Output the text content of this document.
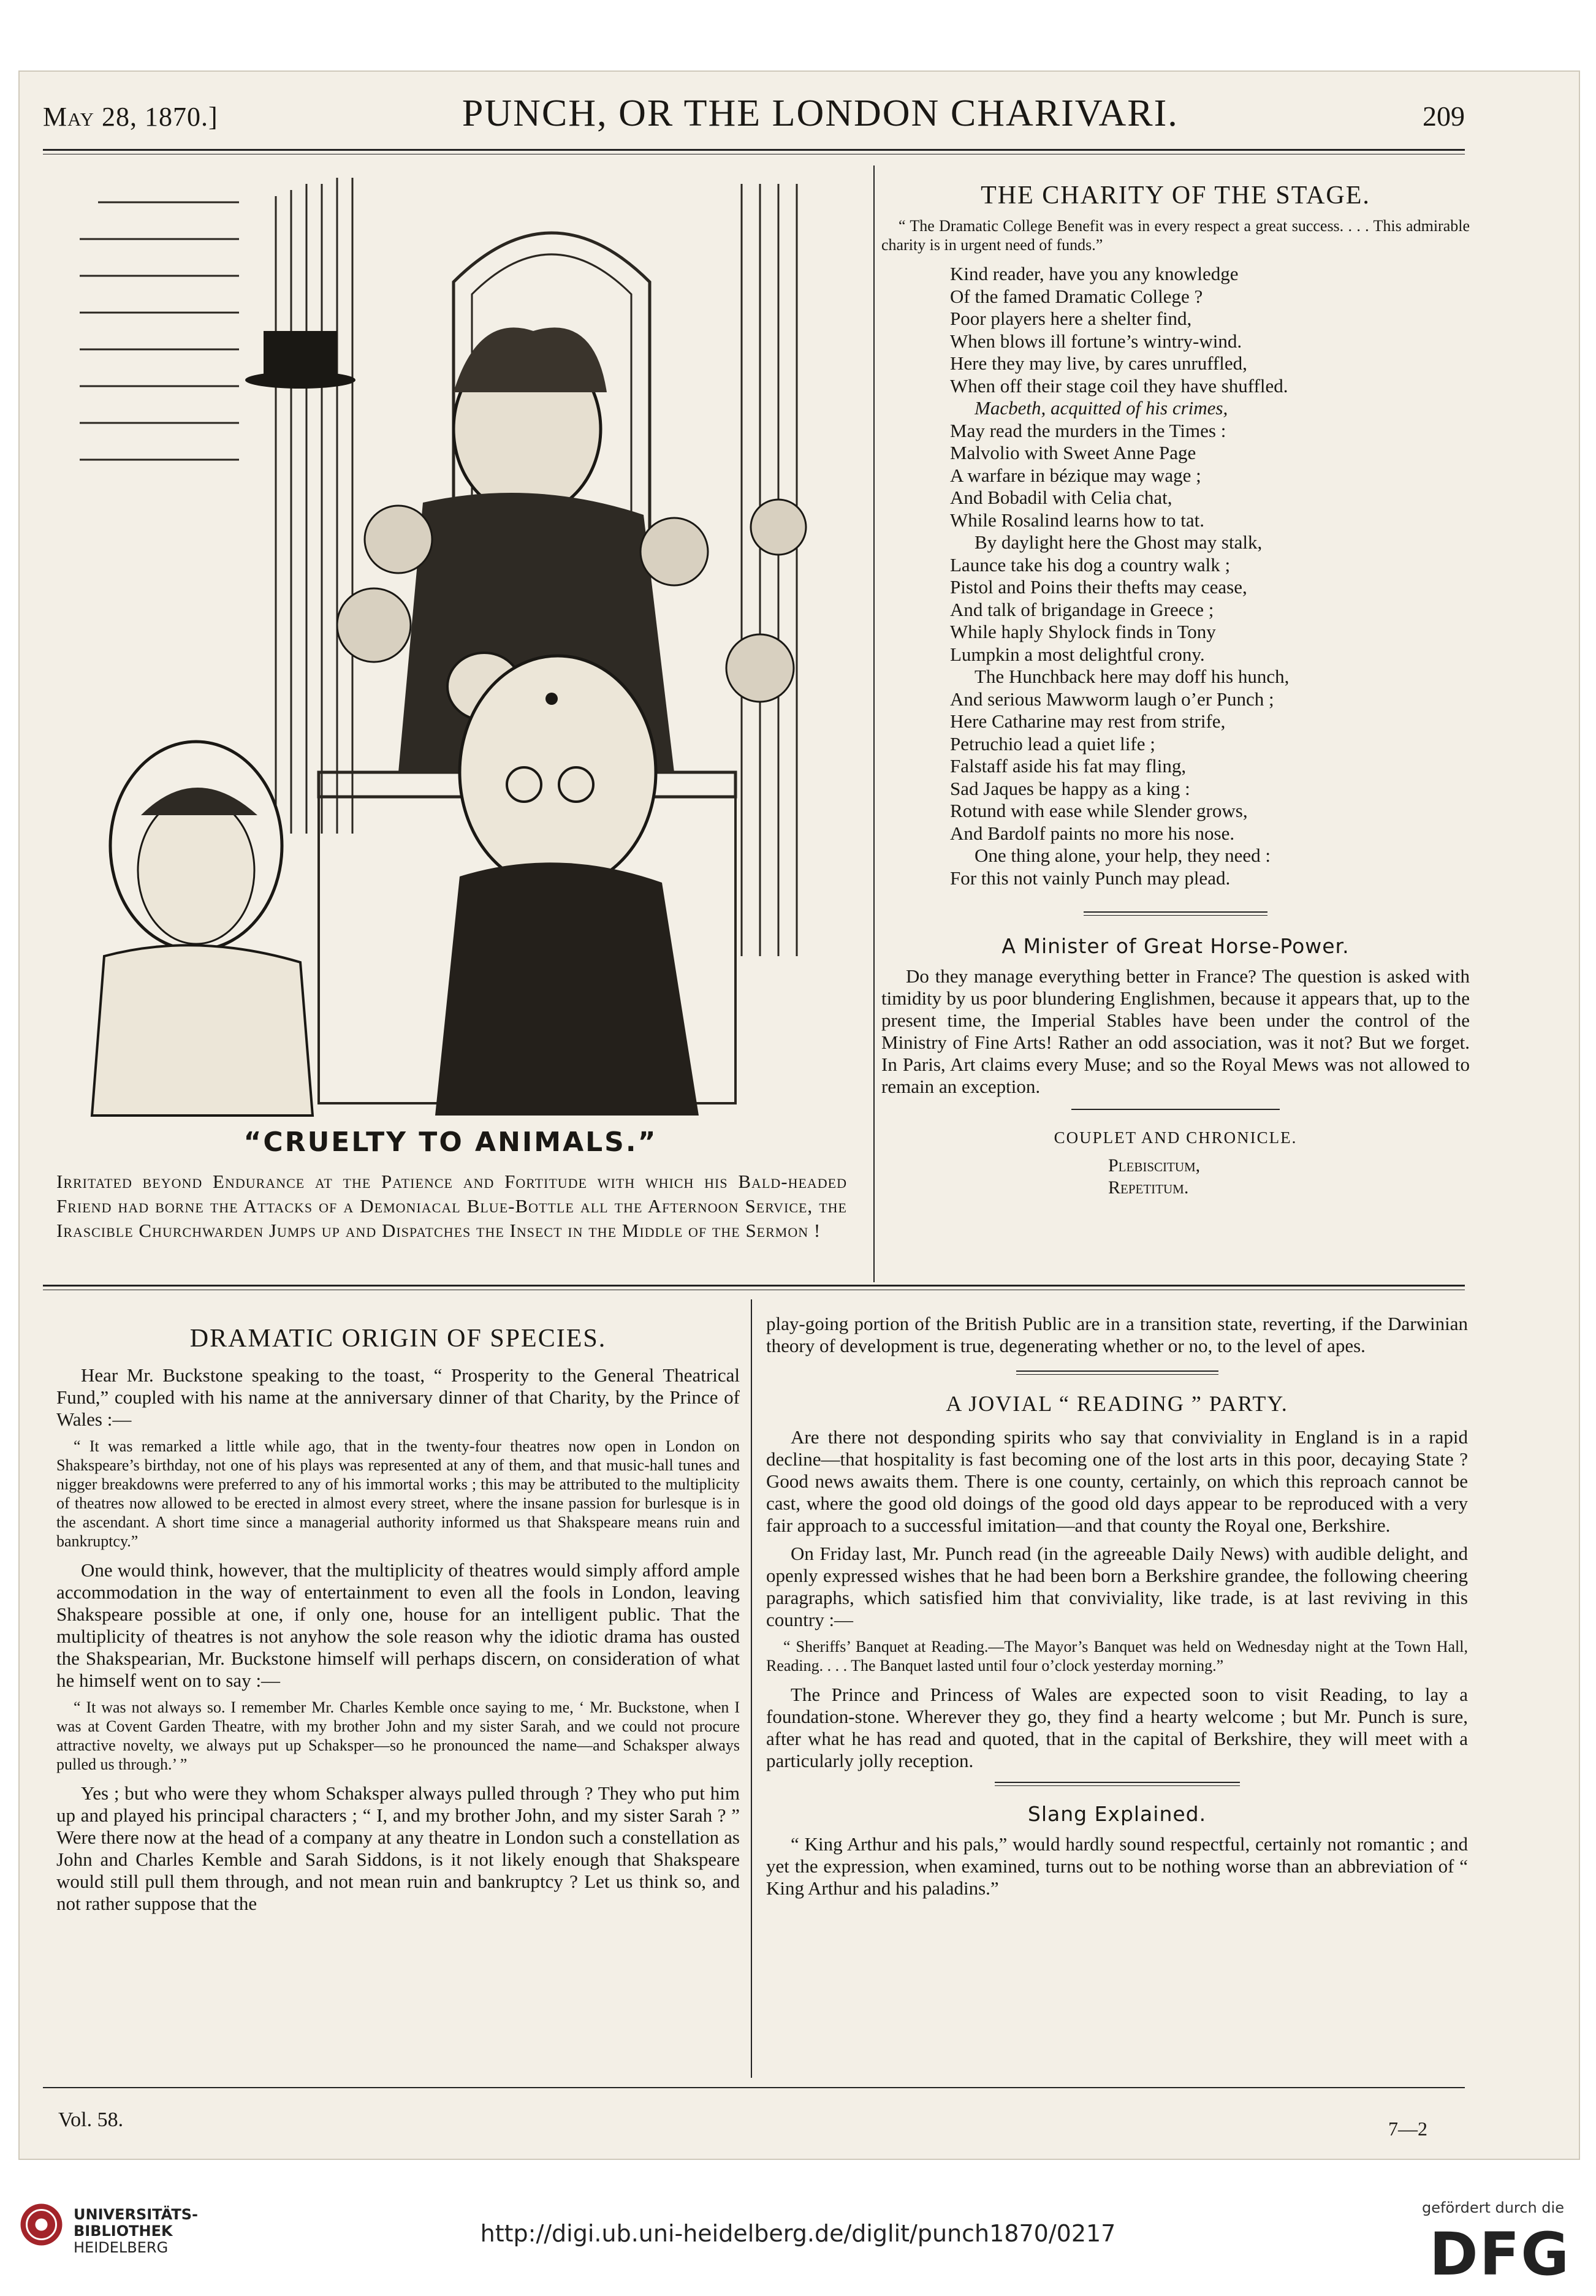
May 28, 1870.]	PUNCH, OR THE LONDON CHARIVARI.	209
“CRUELTY TO ANIMALS.”
Irritated beyond Endurance at the Patience and Fortitude with which his Bald-headed Friend had borne the Attacks of a Demoniacal Blue-Bottle all the Afternoon Service, the Irascible Churchwarden Jumps up and Dispatches the Insect in the Middle of the Sermon !
THE CHARITY OF THE STAGE.

“ The Dramatic College Benefit was in every respect a great success. . . . This admirable charity is in urgent need of funds.”

Kind reader, have you any knowledge
Of the famed Dramatic College ?
Poor players here a shelter find,
When blows ill fortune’s wintry-wind.
Here they may live, by cares unruffled,
When off their stage coil they have shuffled.
Macbeth, acquitted of his crimes,
May read the murders in the Times :
Malvolio with Sweet Anne Page
A warfare in bézique may wage ;
And Bobadil with Celia chat,
While Rosalind learns how to tat.
By daylight here the Ghost may stalk,
Launce take his dog a country walk ;
Pistol and Poins their thefts may cease,
And talk of brigandage in Greece ;
While haply Shylock finds in Tony
Lumpkin a most delightful crony.
The Hunchback here may doff his hunch,
And serious Mawworm laugh o’er Punch ;
Here Catharine may rest from strife,
Petruchio lead a quiet life ;
Falstaff aside his fat may fling,
Sad Jaques be happy as a king :
Rotund with ease while Slender grows,
And Bardolf paints no more his nose.
One thing alone, your help, they need :
For this not vainly Punch may plead.
A Minister of Great Horse-Power.

Do they manage everything better in France? The question is asked with timidity by us poor blundering Englishmen, because it appears that, up to the present time, the Imperial Stables have been under the control of the Ministry of Fine Arts! Rather an odd association, was it not? But we forget. In Paris, Art claims every Muse; and so the Royal Mews was not allowed to remain an exception.

COUPLET AND CHRONICLE.
Plebiscitum,
Repetitum.
DRAMATIC ORIGIN OF SPECIES.

Hear Mr. Buckstone speaking to the toast, “ Prosperity to the General Theatrical Fund,” coupled with his name at the anniversary dinner of that Charity, by the Prince of Wales :—

“ It was remarked a little while ago, that in the twenty-four theatres now open in London on Shakspeare’s birthday, not one of his plays was represented at any of them, and that music-hall tunes and nigger breakdowns were preferred to any of his immortal works ; this may be attributed to the multiplicity of theatres now allowed to be erected in almost every street, where the insane passion for burlesque is in the ascendant. A short time since a managerial authority informed us that Shakspeare means ruin and bankruptcy.”

One would think, however, that the multiplicity of theatres would simply afford ample accommodation in the way of entertainment to even all the fools in London, leaving Shakspeare possible at one, if only one, house for an intelligent public. That the multiplicity of theatres is not anyhow the sole reason why the idiotic drama has ousted the Shakspearian, Mr. Buckstone himself will perhaps discern, on consideration of what he himself went on to say :—

“ It was not always so. I remember Mr. Charles Kemble once saying to me, ‘ Mr. Buckstone, when I was at Covent Garden Theatre, with my brother John and my sister Sarah, and we could not procure attractive novelty, we always put up Schaksper—so he pronounced the name—and Schaksper always pulled us through.’ ”

Yes ; but who were they whom Schaksper always pulled through ? They who put him up and played his principal characters ; “ I, and my brother John, and my sister Sarah ? ” Were there now at the head of a company at any theatre in London such a constellation as John and Charles Kemble and Sarah Siddons, is it not likely enough that Shakspeare would still pull them through, and not mean ruin and bankruptcy ? Let us think so, and not rather suppose that the

play-going portion of the British Public are in a transition state, reverting, if the Darwinian theory of development is true, degenerating whether or no, to the level of apes.

A JOVIAL “ READING ” PARTY.

Are there not desponding spirits who say that conviviality in England is in a rapid decline—that hospitality is fast becoming one of the lost arts in this poor, decaying State ? Good news awaits them. There is one county, certainly, on which this reproach cannot be cast, where the good old doings of the good old days appear to be reproduced with a very fair approach to a successful imitation—and that county the Royal one, Berkshire.

On Friday last, Mr. Punch read (in the agreeable Daily News) with audible delight, and openly expressed wishes that he had been born a Berkshire grandee, the following cheering paragraphs, which satisfied him that conviviality, like trade, is at last reviving in this country :—

“ Sheriffs’ Banquet at Reading.—The Mayor’s Banquet was held on Wednesday night at the Town Hall, Reading. . . . The Banquet lasted until four o’clock yesterday morning.”

The Prince and Princess of Wales are expected soon to visit Reading, to lay a foundation-stone. Wherever they go, they find a hearty welcome ; but Mr. Punch is sure, after what he has read and quoted, that in the capital of Berkshire, they will meet with a particularly jolly reception.

Slang Explained.

“ King Arthur and his pals,” would hardly sound respectful, certainly not romantic ; and yet the expression, when examined, turns out to be nothing worse than an abbreviation of “ King Arthur and his paladins.”

Vol. 58.	7—2
UNIVERSITÄTS-
BIBLIOTHEK
HEIDELBERG
http://digi.ub.uni-heidelberg.de/diglit/punch1870/0217
gefördert durch die
DFG
